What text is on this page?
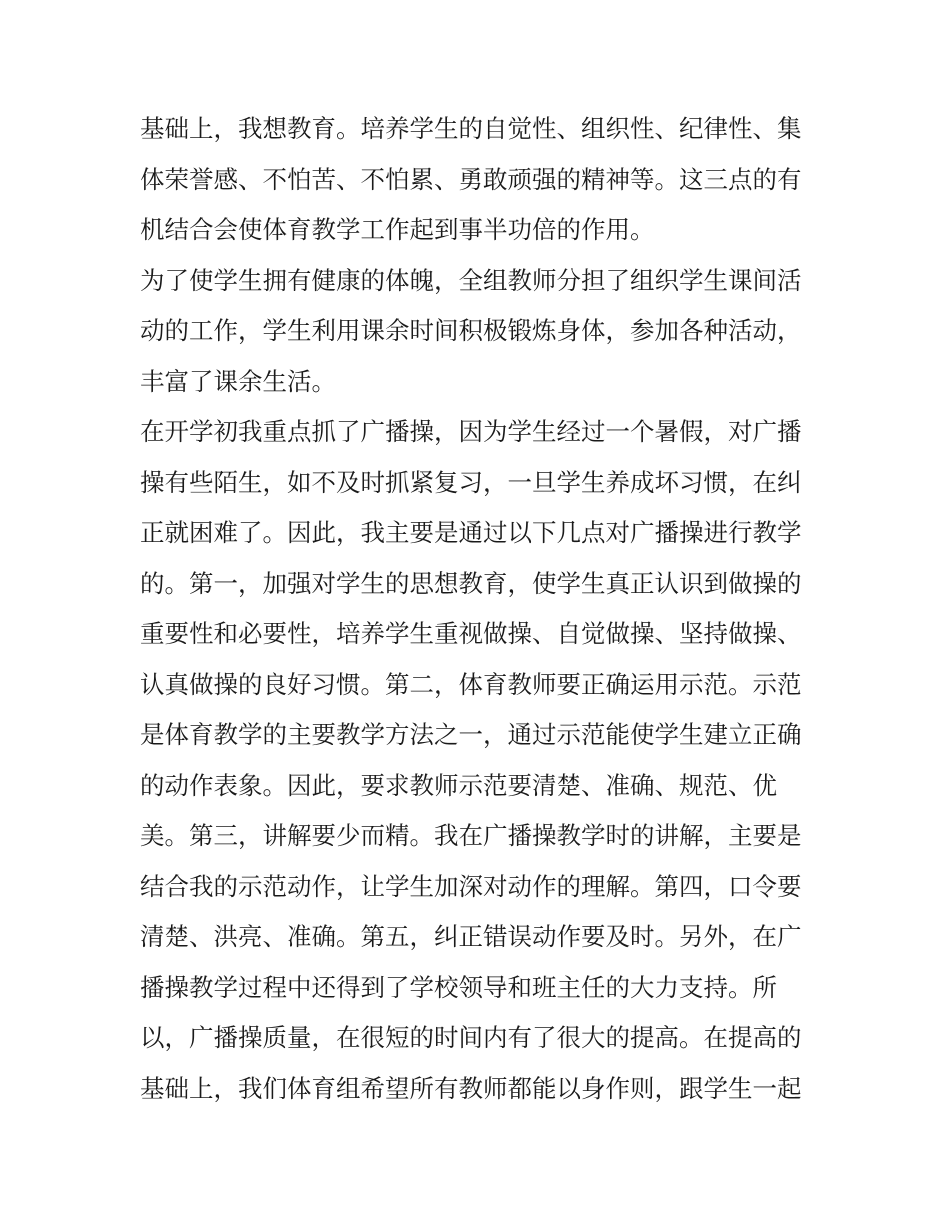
基础上，我想教育。培养学生的自觉性、组织性、纪律性、集
体荣誉感、不怕苦、不怕累、勇敢顽强的精神等。这三点的有
机结合会使体育教学工作起到事半功倍的作用。
为了使学生拥有健康的体魄，全组教师分担了组织学生课间活
动的工作，学生利用课余时间积极锻炼身体，参加各种活动，
丰富了课余生活。
在开学初我重点抓了广播操，因为学生经过一个暑假，对广播
操有些陌生，如不及时抓紧复习，一旦学生养成坏习惯，在纠
正就困难了。因此，我主要是通过以下几点对广播操进行教学
的。第一，加强对学生的思想教育，使学生真正认识到做操的
重要性和必要性，培养学生重视做操、自觉做操、坚持做操、
认真做操的良好习惯。第二，体育教师要正确运用示范。示范
是体育教学的主要教学方法之一，通过示范能使学生建立正确
的动作表象。因此，要求教师示范要清楚、准确、规范、优
美。第三，讲解要少而精。我在广播操教学时的讲解，主要是
结合我的示范动作，让学生加深对动作的理解。第四，口令要
清楚、洪亮、准确。第五，纠正错误动作要及时。另外，在广
播操教学过程中还得到了学校领导和班主任的大力支持。所
以，广播操质量，在很短的时间内有了很大的提高。在提高的
基础上，我们体育组希望所有教师都能以身作则，跟学生一起
